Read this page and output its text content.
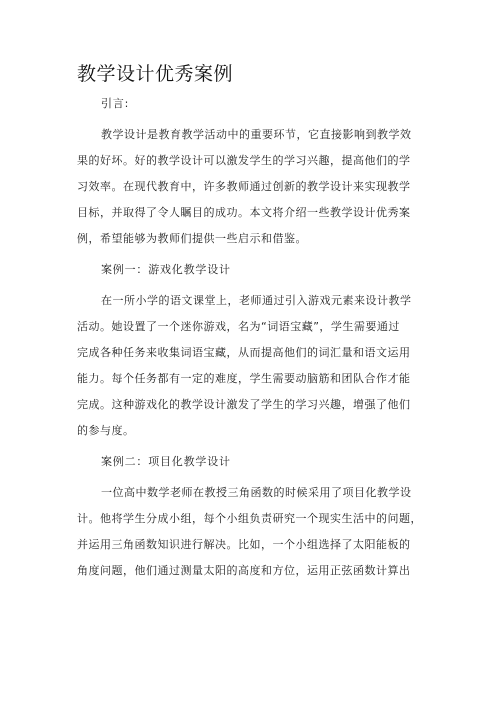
教学设计优秀案例
引言:
教学设计是教育教学活动中的重要环节，它直接影响到教学效
果的好坏。好的教学设计可以激发学生的学习兴趣，提高他们的学
习效率。在现代教育中，许多教师通过创新的教学设计来实现教学
目标，并取得了令人瞩目的成功。本文将介绍一些教学设计优秀案
例，希望能够为教师们提供一些启示和借鉴。
案例一：游戏化教学设计
在一所小学的语文课堂上，老师通过引入游戏元素来设计教学
活动。她设置了一个迷你游戏，名为“词语宝藏”，学生需要通过
完成各种任务来收集词语宝藏，从而提高他们的词汇量和语文运用
能力。每个任务都有一定的难度，学生需要动脑筋和团队合作才能
完成。这种游戏化的教学设计激发了学生的学习兴趣，增强了他们
的参与度。
案例二：项目化教学设计
一位高中数学老师在教授三角函数的时候采用了项目化教学设
计。他将学生分成小组，每个小组负责研究一个现实生活中的问题，
并运用三角函数知识进行解决。比如，一个小组选择了太阳能板的
角度问题，他们通过测量太阳的高度和方位，运用正弦函数计算出
